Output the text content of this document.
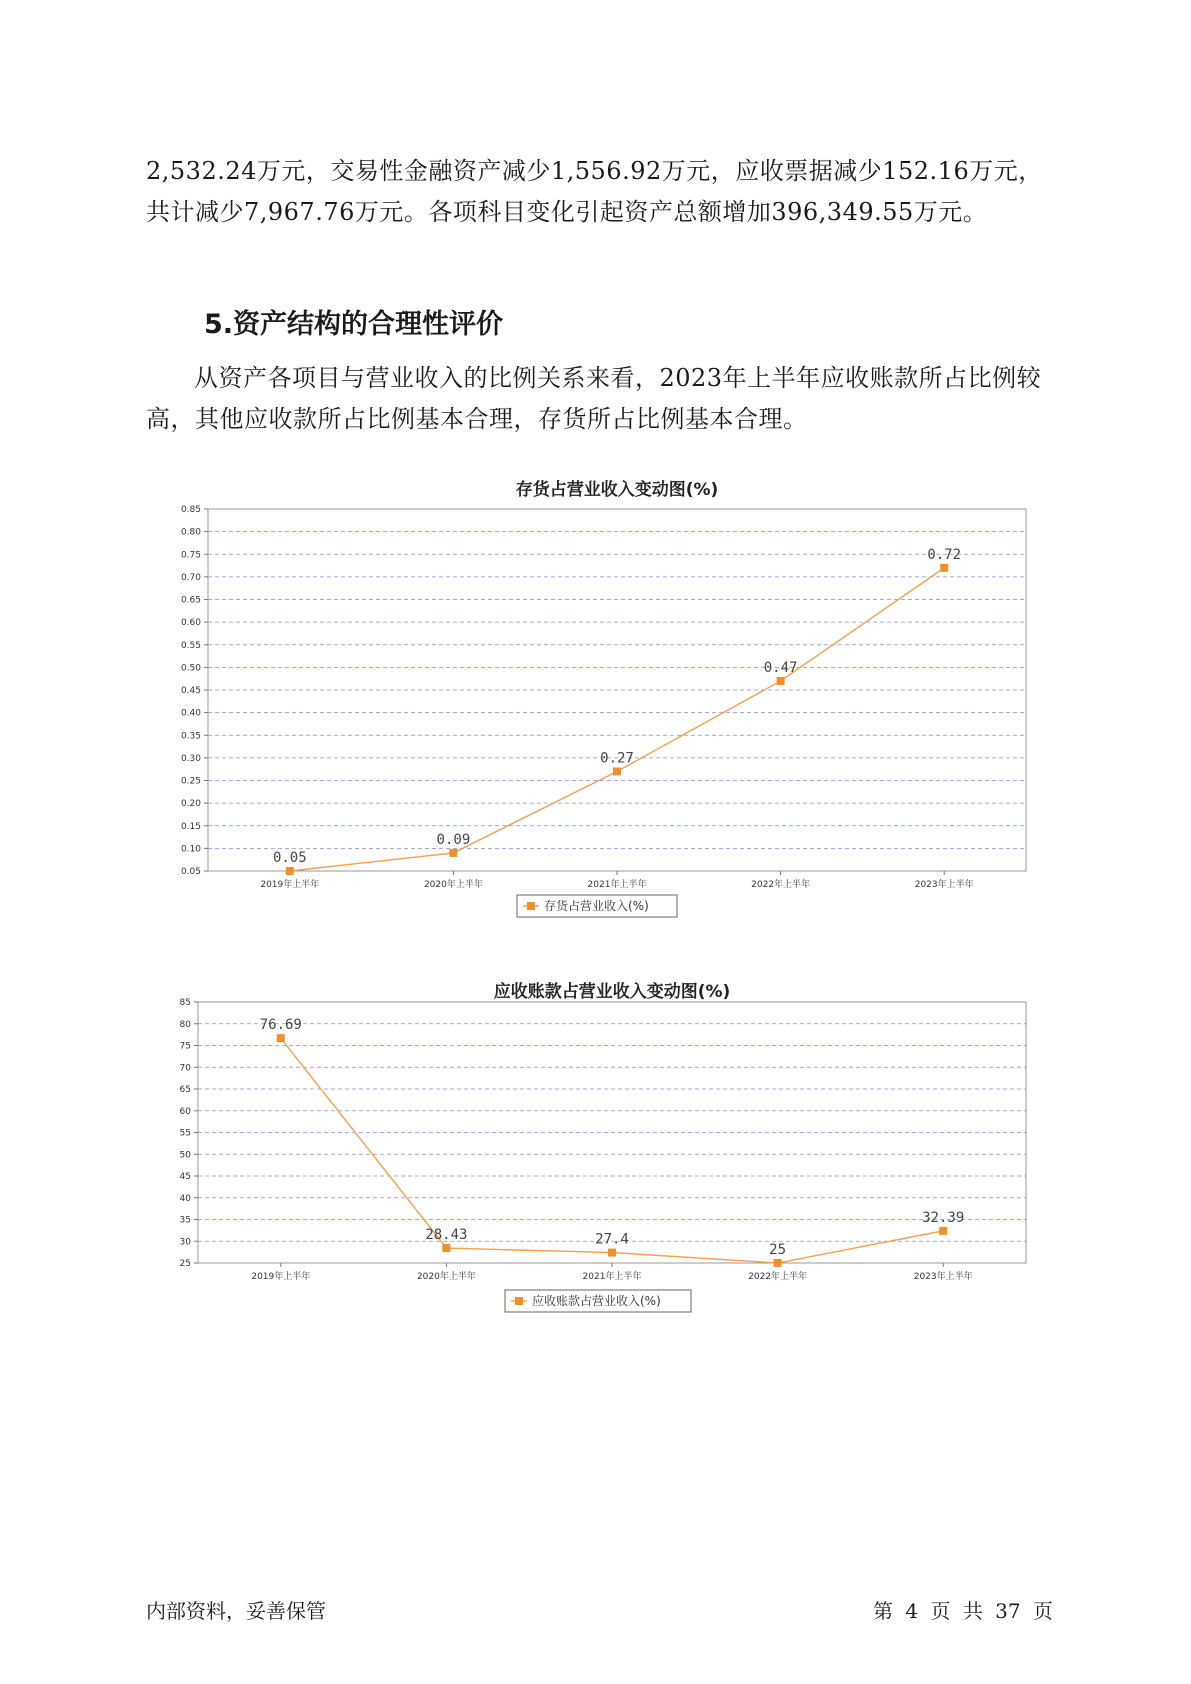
2,532.24万元，交易性金融资产减少1,556.92万元，应收票据减少152.16万元，共计减少7,967.76万元。各项科目变化引起资产总额增加396,349.55万元。

5.资产结构的合理性评价

从资产各项目与营业收入的比例关系来看，2023年上半年应收账款所占比例较高，其他应收款所占比例基本合理，存货所占比例基本合理。

存货占营业收入变动图(%)
0.05
0.10
0.15
0.20
0.25
0.30
0.35
0.40
0.45
0.50
0.55
0.60
0.65
0.70
0.75
0.80
0.85
2019年上半年	2020年上半年	2021年上半年	2022年上半年	2023年上半年
0.05
0.09
0.27
0.47
0.72
存货占营业收入(%)
应收账款占营业收入变动图(%)
25
30
35
40
45
50
55
60
65
70
75
80
85
2019年上半年	2020年上半年	2021年上半年	2022年上半年	2023年上半年
76.69
28.43	27.4
25
32.39
应收账款占营业收入(%)
内部资料，妥善保管	第 4 页 共 37 页
